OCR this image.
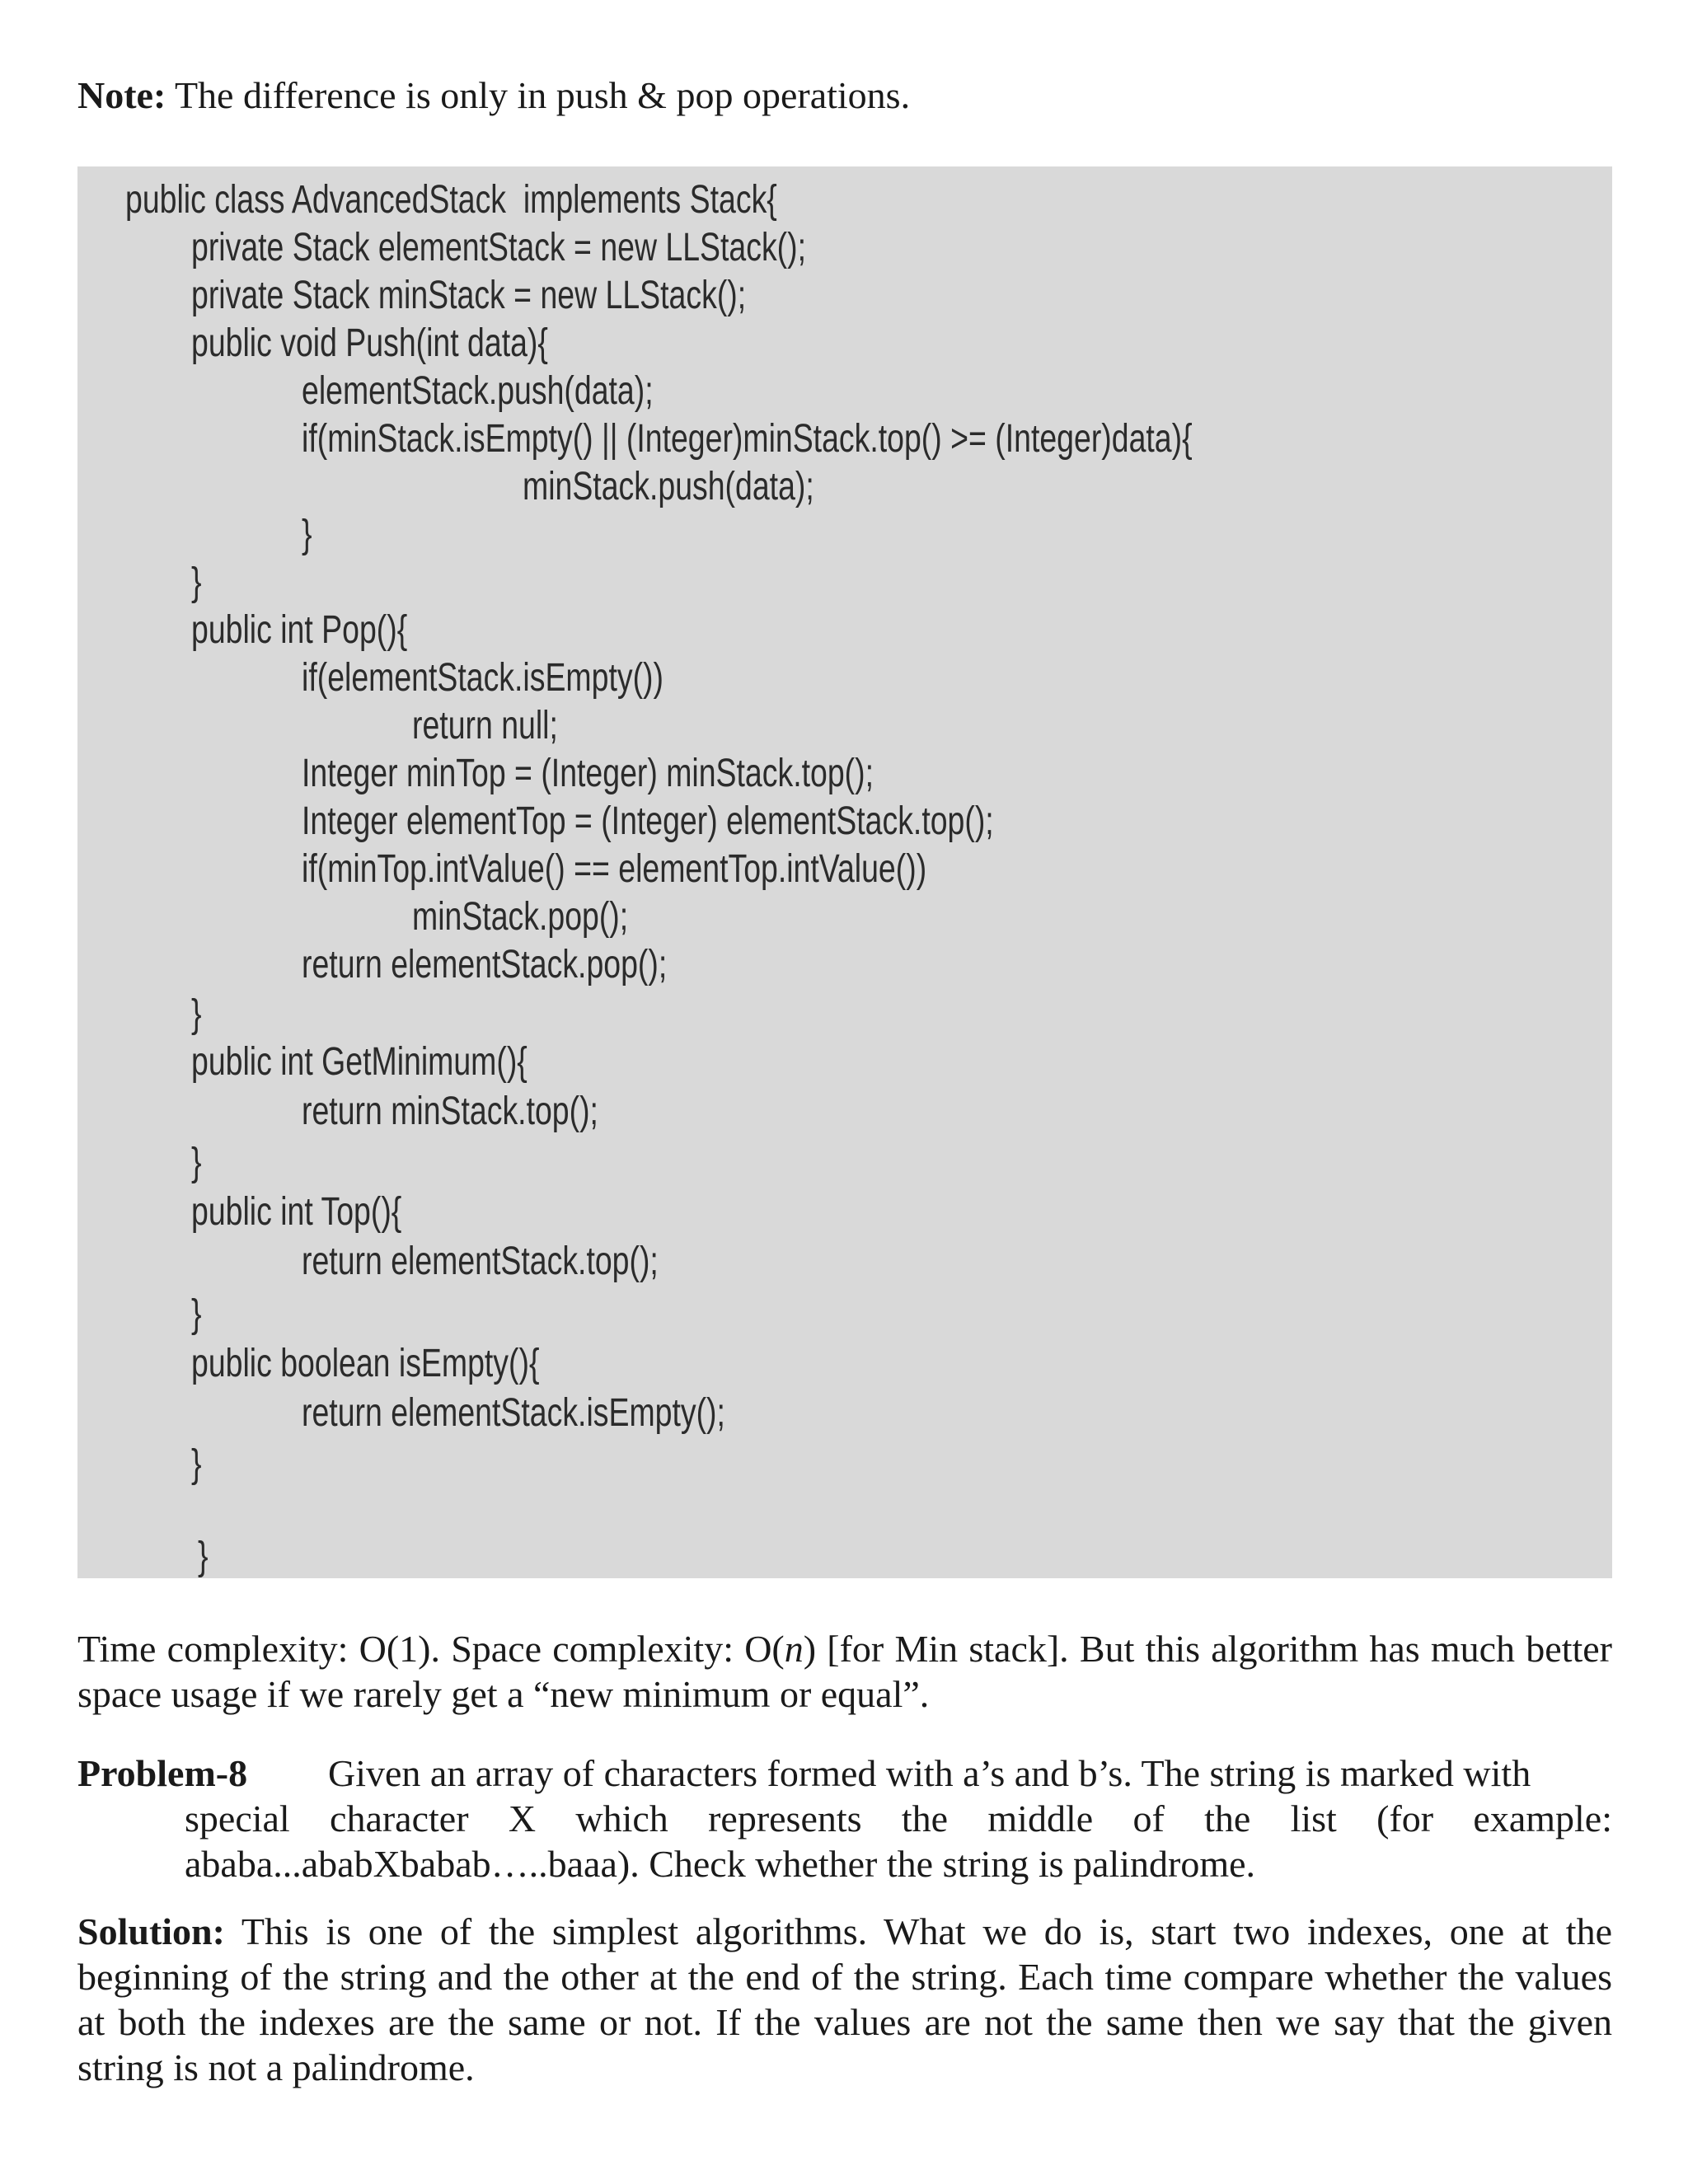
Note: The difference is only in push & pop operations.
public class AdvancedStack  implements Stack{
private Stack elementStack = new LLStack();
private Stack minStack = new LLStack();
public void Push(int data){
elementStack.push(data);
if(minStack.isEmpty() || (Integer)minStack.top() >= (Integer)data){
minStack.push(data);
}
}
public int Pop(){
if(elementStack.isEmpty())
return null;
Integer minTop = (Integer) minStack.top();
Integer elementTop = (Integer) elementStack.top();
if(minTop.intValue() == elementTop.intValue())
minStack.pop();
return elementStack.pop();
}
public int GetMinimum(){
return minStack.top();
}
public int Top(){
return elementStack.top();
}
public boolean isEmpty(){
return elementStack.isEmpty();
}
}
Time complexity: O(1). Space complexity: O(n) [for Min stack]. But this algorithm has much better space usage if we rarely get a “new minimum or equal”.
Problem-8 Given an array of characters formed with a’s and b’s. The string is marked with
special character X which represents the middle of the list (for example: ababa...ababXbabab…..baaa). Check whether the string is palindrome.
Solution: This is one of the simplest algorithms. What we do is, start two indexes, one at the beginning of the string and the other at the end of the string. Each time compare whether the values at both the indexes are the same or not. If the values are not the same then we say that the given string is not a palindrome.
